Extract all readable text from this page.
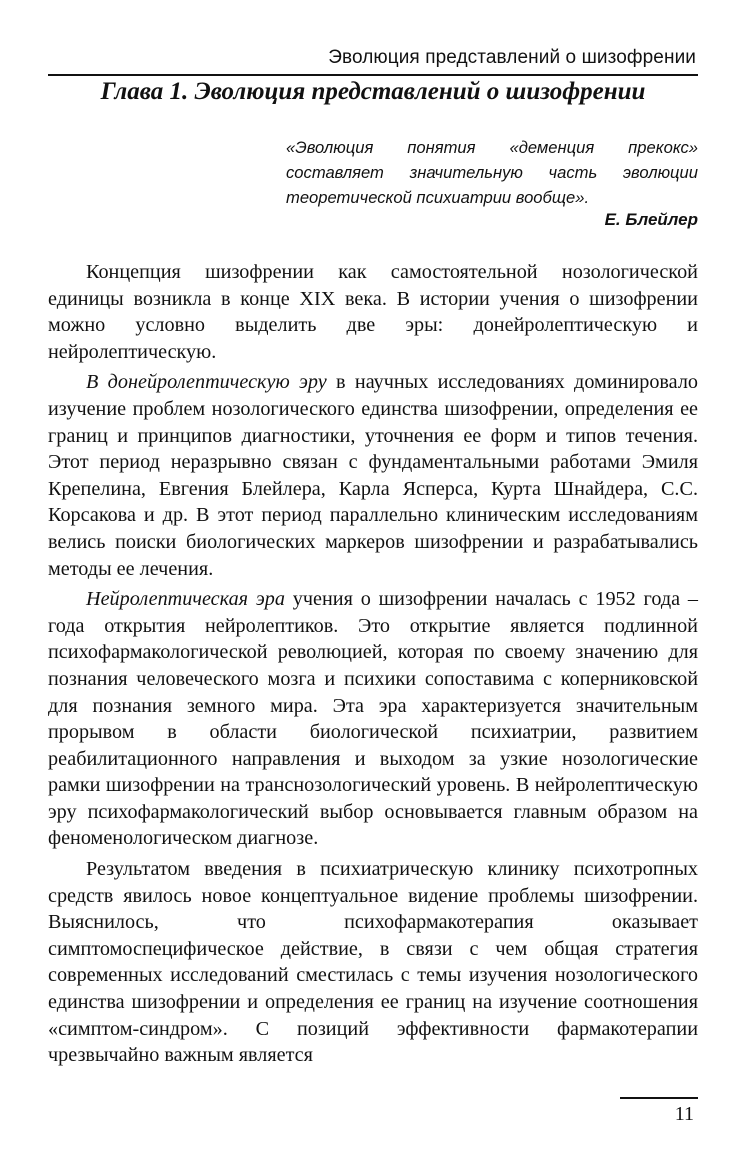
Эволюция представлений о шизофрении
Глава 1. Эволюция представлений о шизофрении
«Эволюция понятия «деменция прекокс» составляет значительную часть эволюции теоретической психиатрии вообще».
Е. Блейлер

Концепция шизофрении как самостоятельной нозологической единицы возникла в конце XIX века. В истории учения о шизофрении можно условно выделить две эры: донейролептическую и нейролептическую.

В донейролептическую эру в научных исследованиях доминировало изучение проблем нозологического единства шизофрении, определения ее границ и принципов диагностики, уточнения ее форм и типов течения. Этот период неразрывно связан с фундаментальными работами Эмиля Крепелина, Евгения Блейлера, Карла Ясперса, Курта Шнайдера, С.С. Корсакова и др. В этот период параллельно клиническим исследованиям велись поиски биологических маркеров шизофрении и разрабатывались методы ее лечения.

Нейролептическая эра учения о шизофрении началась с 1952 года – года открытия нейролептиков. Это открытие является подлинной психофармакологической революцией, которая по своему значению для познания человеческого мозга и психики сопоставима с коперниковской для познания земного мира. Эта эра характеризуется значительным прорывом в области биологической психиатрии, развитием реабилитационного направления и выходом за узкие нозологические рамки шизофрении на транснозологический уровень. В нейролептическую эру психофармакологический выбор основывается главным образом на феноменологическом диагнозе.

Результатом введения в психиатрическую клинику психотропных средств явилось новое концептуальное видение проблемы шизофрении. Выяснилось, что психофармакотерапия оказывает симптомоспецифическое действие, в связи с чем общая стратегия современных исследований сместилась с темы изучения нозологического единства шизофрении и определения ее границ на изучение соотношения «симптом-синдром». С позиций эффективности фармакотерапии чрезвычайно важным является

11
